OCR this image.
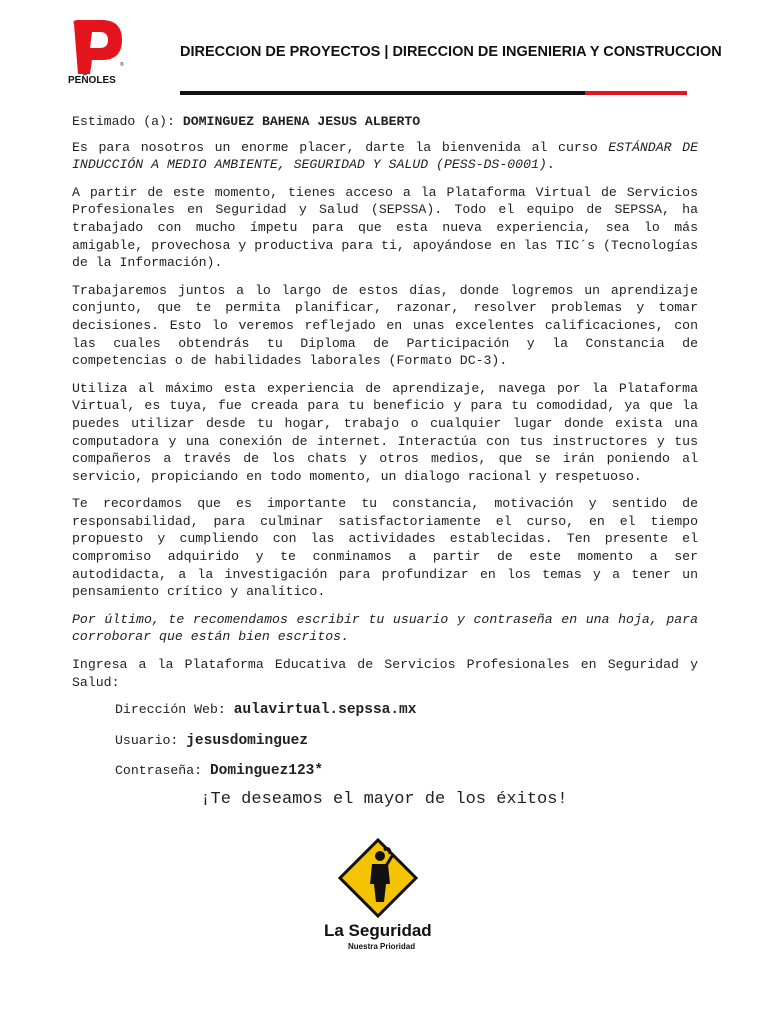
PEÑOLES
®
DIRECCION DE PROYECTOS | DIRECCION DE INGENIERIA Y CONSTRUCCION

Estimado (a): DOMINGUEZ BAHENA JESUS ALBERTO

Es para nosotros un enorme placer, darte la bienvenida al curso ESTÁNDAR DE INDUCCIÓN A MEDIO AMBIENTE, SEGURIDAD Y SALUD (PESS-DS-0001).

A partir de este momento, tienes acceso a la Plataforma Virtual de Servicios Profesionales en Seguridad y Salud (SEPSSA). Todo el equipo de SEPSSA, ha trabajado con mucho ímpetu para que esta nueva experiencia, sea lo más amigable, provechosa y productiva para ti, apoyándose en las TIC´s (Tecnologías de la Información).

Trabajaremos juntos a lo largo de estos días, donde logremos un aprendizaje conjunto, que te permita planificar, razonar, resolver problemas y tomar decisiones. Esto lo veremos reflejado en unas excelentes calificaciones, con las cuales obtendrás tu Diploma de Participación y la Constancia de competencias o de habilidades laborales (Formato DC-3).

Utiliza al máximo esta experiencia de aprendizaje, navega por la Plataforma Virtual, es tuya, fue creada para tu beneficio y para tu comodidad, ya que la puedes utilizar desde tu hogar, trabajo o cualquier lugar donde exista una computadora y una conexión de internet. Interactúa con tus instructores y tus compañeros a través de los chats y otros medios, que se irán poniendo al servicio, propiciando en todo momento, un dialogo racional y respetuoso.

Te recordamos que es importante tu constancia, motivación y sentido de responsabilidad, para culminar satisfactoriamente el curso, en el tiempo propuesto y cumpliendo con las actividades establecidas. Ten presente el compromiso adquirido y te conminamos a partir de este momento a ser autodidacta, a la investigación para profundizar en los temas y a tener un pensamiento crítico y analítico.

Por último, te recomendamos escribir tu usuario y contraseña en una hoja, para corroborar que están bien escritos.

Ingresa a la Plataforma Educativa de Servicios Profesionales en Seguridad y Salud:

Dirección Web: aulavirtual.sepssa.mx
Usuario: jesusdominguez
Contraseña: Dominguez123*
¡Te deseamos el mayor de los éxitos!
La Seguridad
Nuestra Prioridad
